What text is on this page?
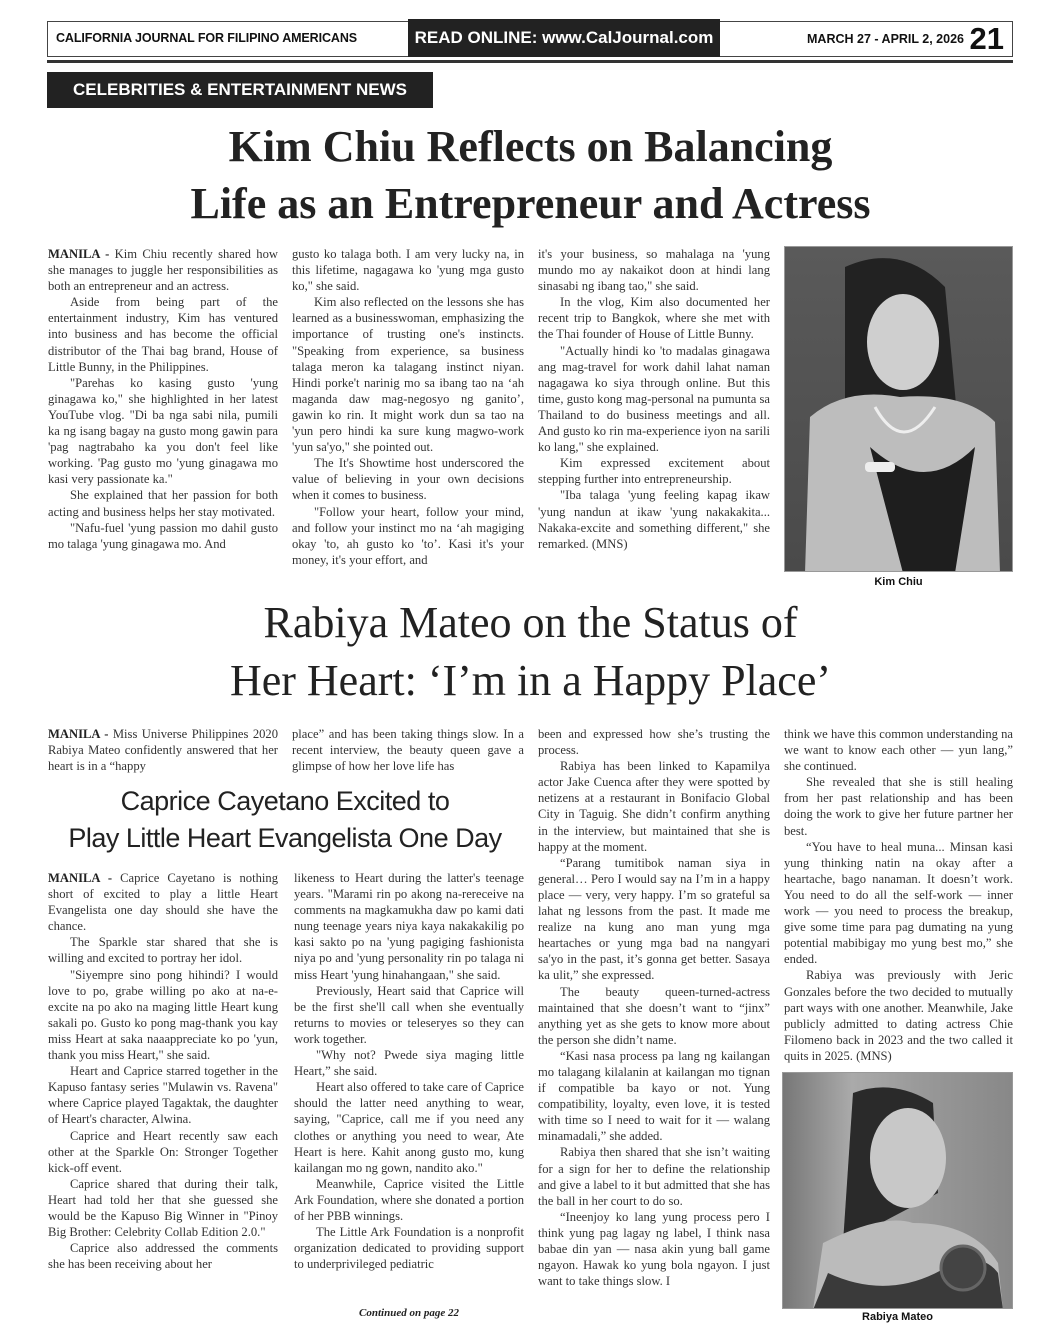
CALIFORNIA JOURNAL FOR FILIPINO AMERICANS	READ ONLINE: www.CalJournal.com	MARCH 27 - APRIL 2, 2026 21
CELEBRITIES & ENTERTAINMENT NEWS
Kim Chiu Reflects on Balancing
Life as an Entrepreneur and Actress

MANILA - Kim Chiu recently shared how she manages to juggle her responsibilities as both an entrepreneur and an actress.

Aside from being part of the entertainment industry, Kim has ventured into business and has become the official distributor of the Thai bag brand, House of Little Bunny, in the Philippines.

"Parehas ko kasing gusto 'yung ginagawa ko," she highlighted in her latest YouTube vlog. "Di ba nga sabi nila, pumili ka ng isang bagay na gusto mong gawin para 'pag nagtrabaho ka you don't feel like working. 'Pag gusto mo 'yung ginagawa mo kasi very passionate ka."

She explained that her passion for both acting and business helps her stay motivated.

"Nafu-fuel 'yung passion mo dahil gusto mo talaga 'yung ginagawa mo. And

gusto ko talaga both. I am very lucky na, in this lifetime, nagagawa ko 'yung mga gusto ko," she said.

Kim also reflected on the lessons she has learned as a businesswoman, emphasizing the importance of trusting one's instincts. "Speaking from experience, sa business talaga meron ka talagang instinct niyan. Hindi porke't narinig mo sa ibang tao na ‘ah maganda daw mag-negosyo ng ganito’, gawin ko rin. It might work dun sa tao na 'yun pero hindi ka sure kung magwo-work 'yun sa'yo," she pointed out.

The It's Showtime host underscored the value of believing in your own decisions when it comes to business.

"Follow your heart, follow your mind, and follow your instinct mo na ‘ah magiging okay 'to, ah gusto ko 'to’. Kasi it's your money, it's your effort, and

it's your business, so mahalaga na 'yung mundo mo ay nakaikot doon at hindi lang sinasabi ng ibang tao," she said.

In the vlog, Kim also documented her recent trip to Bangkok, where she met with the Thai founder of House of Little Bunny.

"Actually hindi ko 'to madalas ginagawa ang mag-travel for work dahil lahat naman nagagawa ko siya through online. But this time, gusto kong mag-personal na pumunta sa Thailand to do business meetings and all. And gusto ko rin ma-experience iyon na sarili ko lang," she explained.

Kim expressed excitement about stepping further into entrepreneurship.

"Iba talaga 'yung feeling kapag ikaw 'yung nandun at ikaw 'yung nakakakita... Nakaka-excite and something different," she remarked. (MNS)

Kim Chiu
Rabiya Mateo on the Status of
Her Heart: ‘I’m in a Happy Place’

MANILA - Miss Universe Philippines 2020 Rabiya Mateo confidently answered that her heart is in a “happy

place” and has been taking things slow. In a recent interview, the beauty queen gave a glimpse of how her love life has

been and expressed how she’s trusting the process.

Rabiya has been linked to Kapamilya actor Jake Cuenca after they were spotted by netizens at a restaurant in Bonifacio Global City in Taguig. She didn’t confirm anything in the interview, but maintained that she is happy at the moment.

“Parang tumitibok naman siya in general… Pero I would say na I’m in a happy place — very, very happy. I’m so grateful sa lahat ng lessons from the past. It made me realize na kung ano man yung mga heartaches or yung mga bad na nangyari sa'yo in the past, it’s gonna get better. Sasaya ka ulit,” she expressed.

The beauty queen-turned-actress maintained that she doesn’t want to “jinx” anything yet as she gets to know more about the person she didn’t name.

“Kasi nasa process pa lang ng kailangan mo talagang kilalanin at kailangan mo tignan if compatible ba kayo or not. Yung compatibility, loyalty, even love, it is tested with time so I need to wait for it — walang minamadali,” she added.

Rabiya then shared that she isn’t waiting for a sign for her to define the relationship and give a label to it but admitted that she has the ball in her court to do so.

“Ineenjoy ko lang yung process pero I think yung pag lagay ng label, I think nasa babae din yan — nasa akin yung ball game ngayon. Hawak ko yung bola ngayon. I just want to take things slow. I

think we have this common understanding na we want to know each other — yun lang,” she continued.

She revealed that she is still healing from her past relationship and has been doing the work to give her future partner her best.

“You have to heal muna... Minsan kasi yung thinking natin na okay after a heartache, bago nanaman. It doesn’t work. You need to do all the self-work — inner work — you need to process the breakup, give some time para pag dumating na yung potential mabibigay mo yung best mo,” she ended.

Rabiya was previously with Jeric Gonzales before the two decided to mutually part ways with one another. Meanwhile, Jake publicly admitted to dating actress Chie Filomeno back in 2023 and the two called it quits in 2025. (MNS)

Rabiya Mateo
Caprice Cayetano Excited to
Play Little Heart Evangelista One Day

MANILA - Caprice Cayetano is nothing short of excited to play a little Heart Evangelista one day should she have the chance.

The Sparkle star shared that she is willing and excited to portray her idol.

"Siyempre sino pong hihindi? I would love to po, grabe willing po ako at na-e-excite na po ako na maging little Heart kung sakali po. Gusto ko pong mag-thank you kay miss Heart at saka naaappreciate ko po 'yun, thank you miss Heart," she said.

Heart and Caprice starred together in the Kapuso fantasy series "Mulawin vs. Ravena" where Caprice played Tagaktak, the daughter of Heart's character, Alwina.

Caprice and Heart recently saw each other at the Sparkle On: Stronger Together kick-off event.

Caprice shared that during their talk, Heart had told her that she guessed she would be the Kapuso Big Winner in "Pinoy Big Brother: Celebrity Collab Edition 2.0."

Caprice also addressed the comments she has been receiving about her

likeness to Heart during the latter's teenage years. "Marami rin po akong na-rereceive na comments na magkamukha daw po kami dati nung teenage years niya kaya nakakakilig po kasi sakto po na 'yung pagiging fashionista niya po and 'yung personality rin po talaga ni miss Heart 'yung hinahangaan," she said.

Previously, Heart said that Caprice will be the first she'll call when she eventually returns to movies or teleseryes so they can work together.

"Why not? Pwede siya maging little Heart,” she said.

Heart also offered to take care of Caprice should the latter need anything to wear, saying, "Caprice, call me if you need any clothes or anything you need to wear, Ate Heart is here. Kahit anong gusto mo, kung kailangan mo ng gown, nandito ako."

Meanwhile, Caprice visited the Little Ark Foundation, where she donated a portion of her PBB winnings.

The Little Ark Foundation is a nonprofit organization dedicated to providing support to underprivileged pediatric

Continued on page 22
